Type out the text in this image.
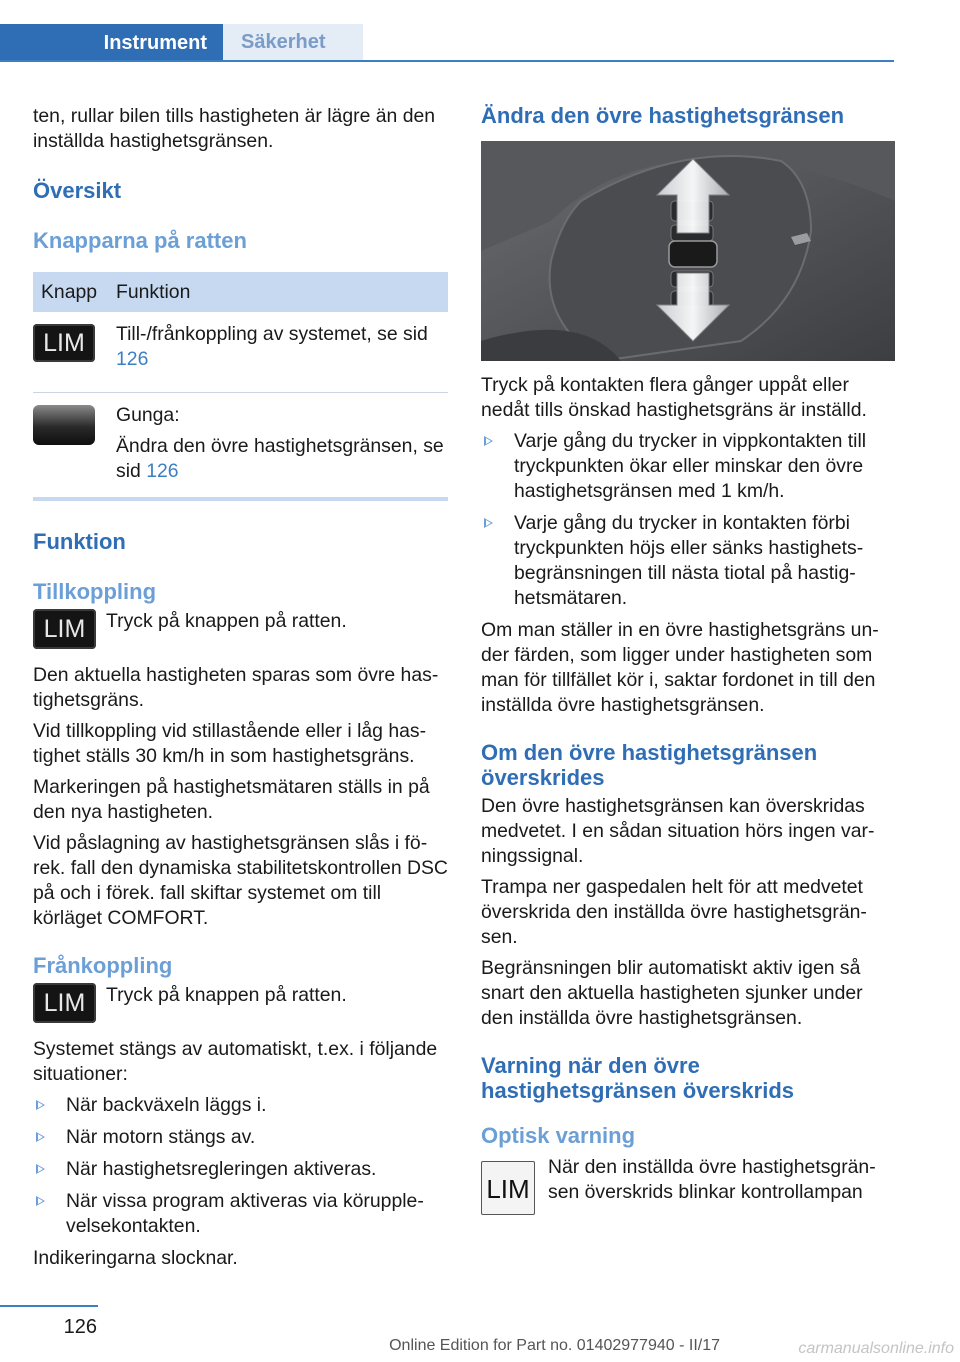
Instrument	Säkerhet

ten, rullar bilen tills hastigheten är lägre än den inställda hastighetsgränsen.

Översikt
Knapparna på ratten
Knapp	Funktion
LIM	Till-/frånkoppling av systemet, se sid 126

	Gunga:

Ändra den övre hastighetsgränsen, se sid 126
Funktion
Tillkoppling
LIM	Tryck på knappen på ratten.

Den aktuella hastigheten sparas som övre hastighetsgräns.

Vid tillkoppling vid stillastående eller i låg hastighet ställs 30 km/h in som hastighetsgräns.

Markeringen på hastighetsmätaren ställs in på den nya hastigheten.

Vid påslagning av hastighetsgränsen slås i förek. fall den dynamiska stabilitetskontrollen DSC på och i förek. fall skiftar systemet om till körläget COMFORT.

Frånkoppling
LIM	Tryck på knappen på ratten.

Systemet stängs av automatiskt, t.ex. i följande situationer:

När backväxeln läggs i.
När motorn stängs av.
När hastighetsregleringen aktiveras.
När vissa program aktiveras via körupplevelsekontakten.

Indikeringarna slocknar.

Ändra den övre hastighetsgränsen

Tryck på kontakten flera gånger uppåt eller nedåt tills önskad hastighetsgräns är inställd.

Varje gång du trycker in vippkontakten till tryckpunkten ökar eller minskar den övre hastighetsgränsen med 1 km/h.
Varje gång du trycker in kontakten förbi tryckpunkten höjs eller sänks hastighetsbegränsningen till nästa tiotal på hastighetsmätaren.

Om man ställer in en övre hastighetsgräns under färden, som ligger under hastigheten som man för tillfället kör i, saktar fordonet in till den inställda övre hastighetsgränsen.

Om den övre hastighetsgränsen överskrides

Den övre hastighetsgränsen kan överskridas medvetet. I en sådan situation hörs ingen varningssignal.

Trampa ner gaspedalen helt för att medvetet överskrida den inställda övre hastighetsgränsen.

Begränsningen blir automatiskt aktiv igen så snart den aktuella hastigheten sjunker under den inställda övre hastighetsgränsen.

Varning när den övre hastighetsgränsen överskrids
Optisk varning
LIM
När den inställda övre hastighetsgränsen överskrids blinkar kontrollampan
126
Online Edition for Part no. 01402977940 - II/17	carmanualsonline.info
